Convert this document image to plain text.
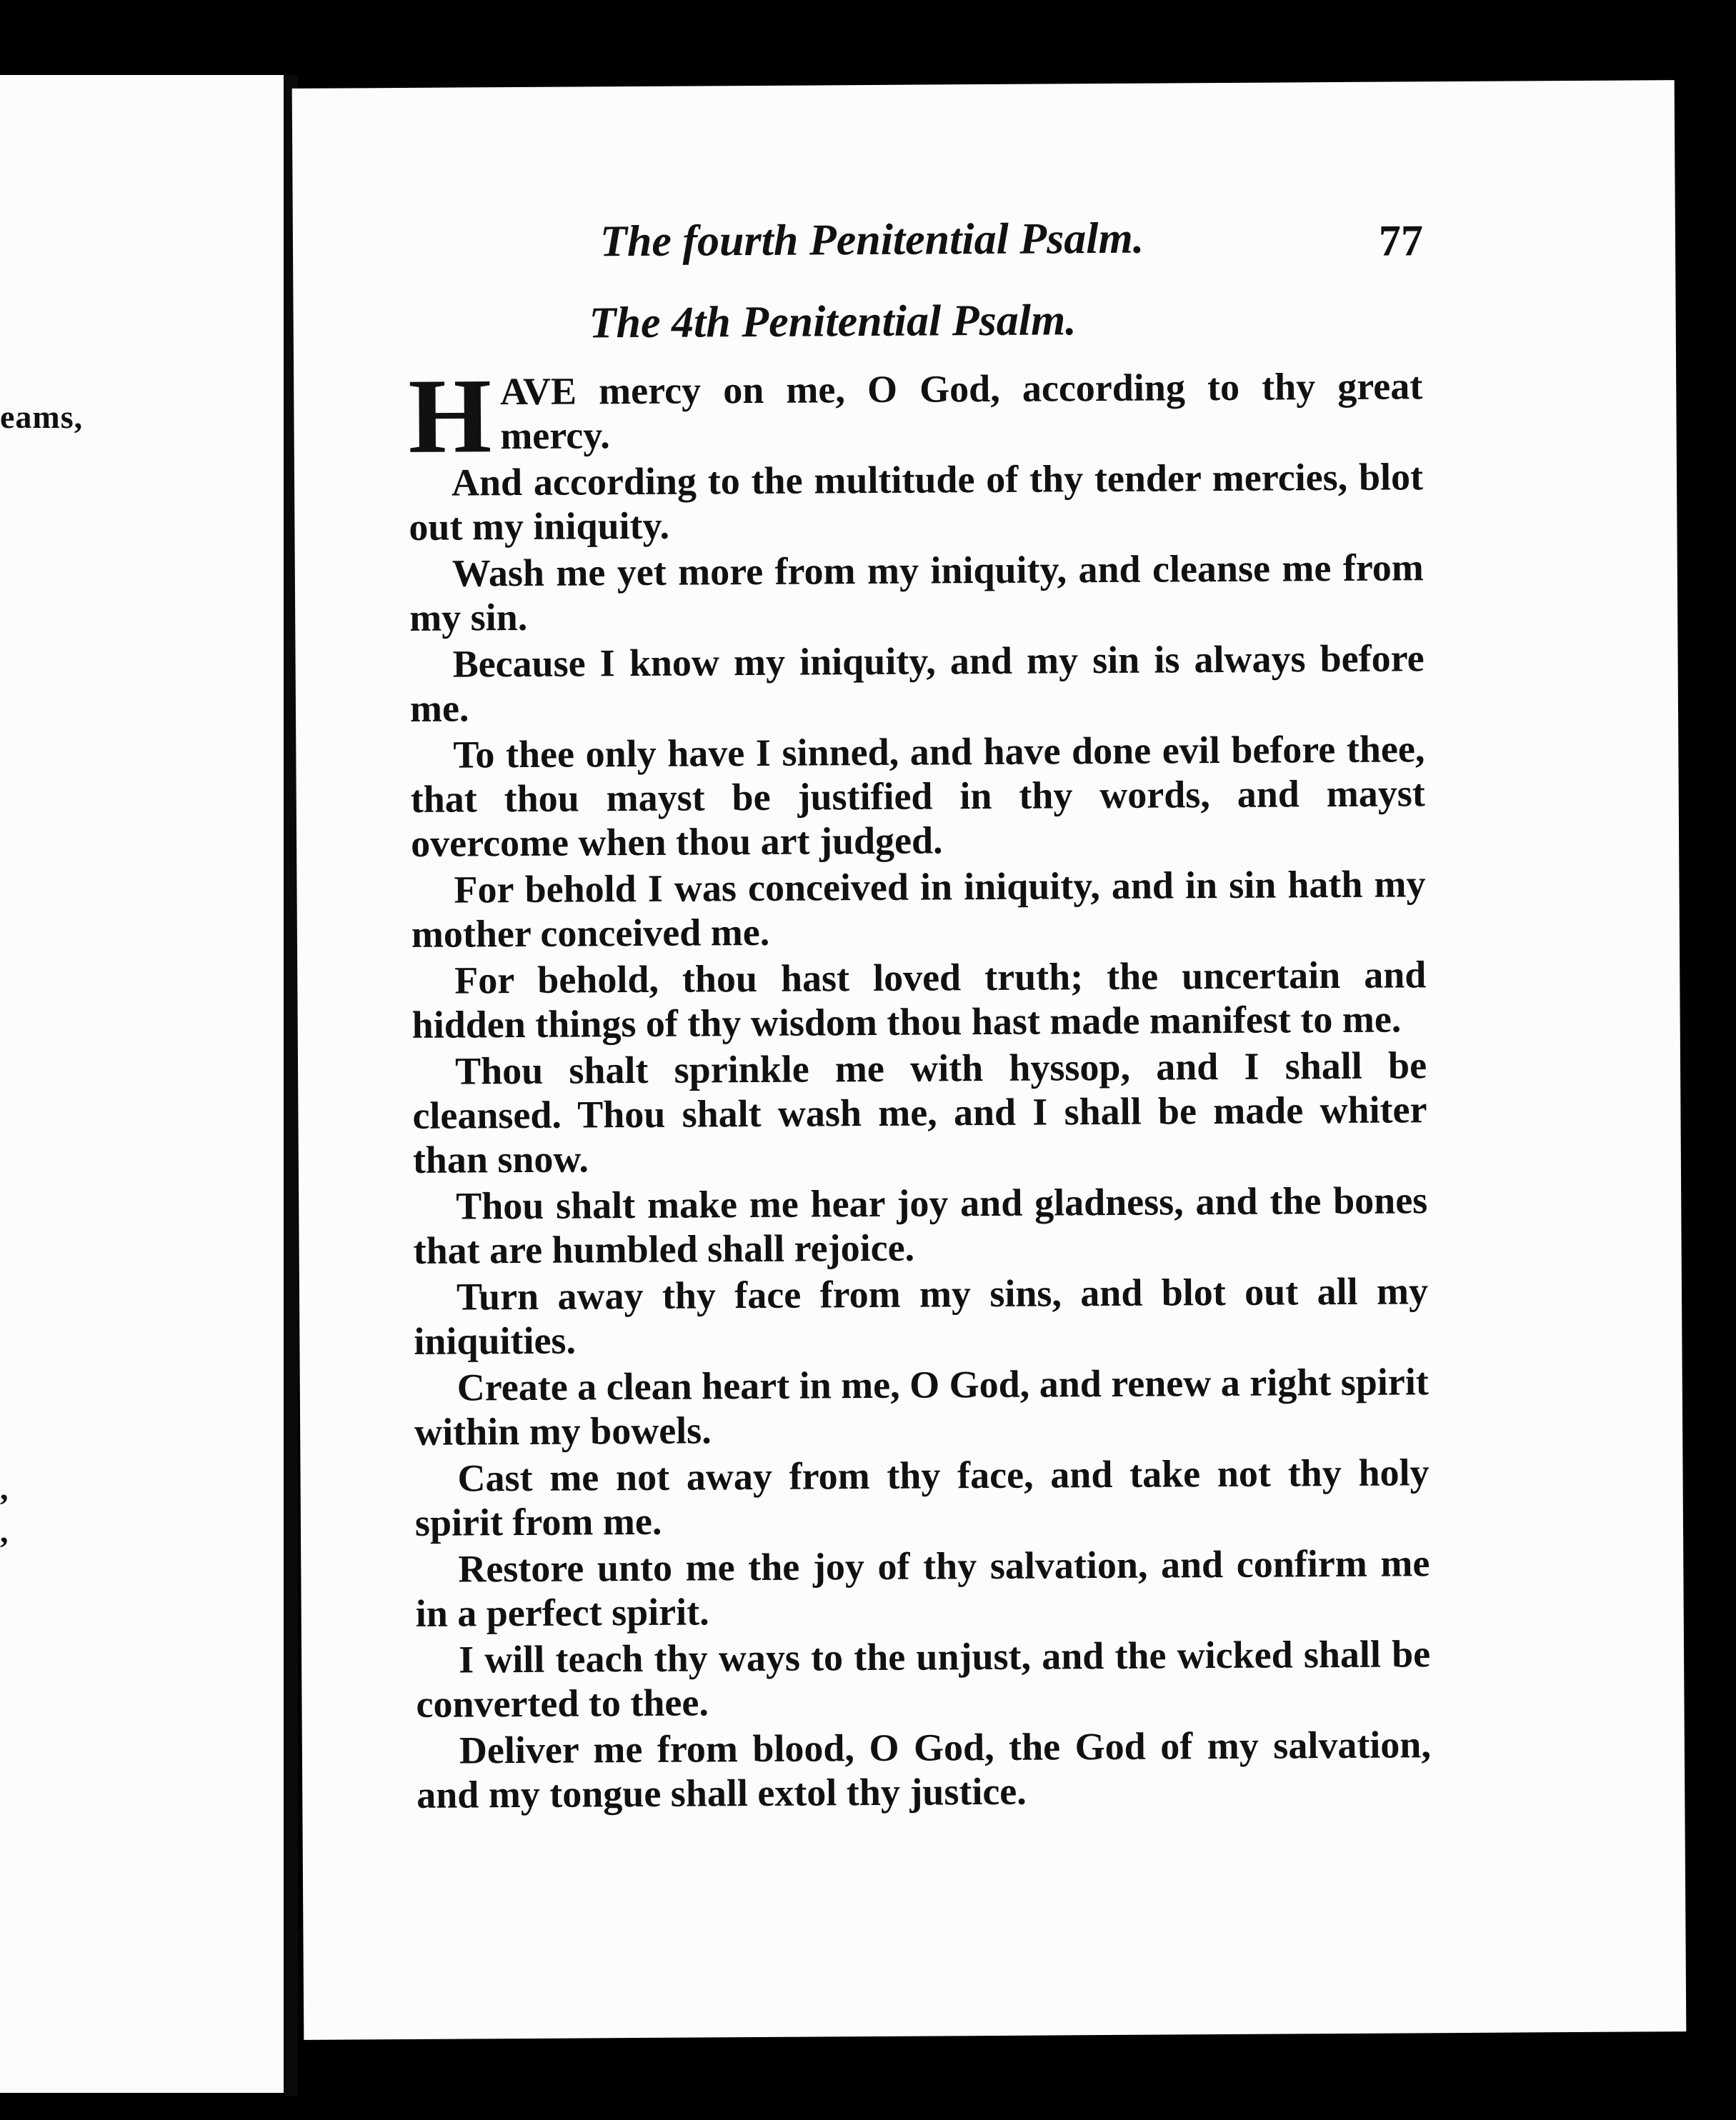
eams,
,
,
The fourth Penitential Psalm.	77
The 4th Penitential Psalm.

H AVE mercy on me, O God, according to thy great mercy.

And according to the multitude of thy tender mercies, blot out my iniquity.

Wash me yet more from my iniquity, and cleanse me from my sin.

Because I know my iniquity, and my sin is always before me.

To thee only have I sinned, and have done evil before thee, that thou mayst be justified in thy words, and mayst overcome when thou art judged.

For behold I was conceived in iniquity, and in sin hath my mother conceived me.

For behold, thou hast loved truth; the uncertain and hidden things of thy wisdom thou hast made manifest to me.

Thou shalt sprinkle me with hyssop, and I shall be cleansed. Thou shalt wash me, and I shall be made whiter than snow.

Thou shalt make me hear joy and gladness, and the bones that are humbled shall rejoice.

Turn away thy face from my sins, and blot out all my iniquities.

Create a clean heart in me, O God, and renew a right spirit within my bowels.

Cast me not away from thy face, and take not thy holy spirit from me.

Restore unto me the joy of thy salvation, and confirm me in a perfect spirit.

I will teach thy ways to the unjust, and the wicked shall be converted to thee.

Deliver me from blood, O God, the God of my salvation, and my tongue shall extol thy justice.
